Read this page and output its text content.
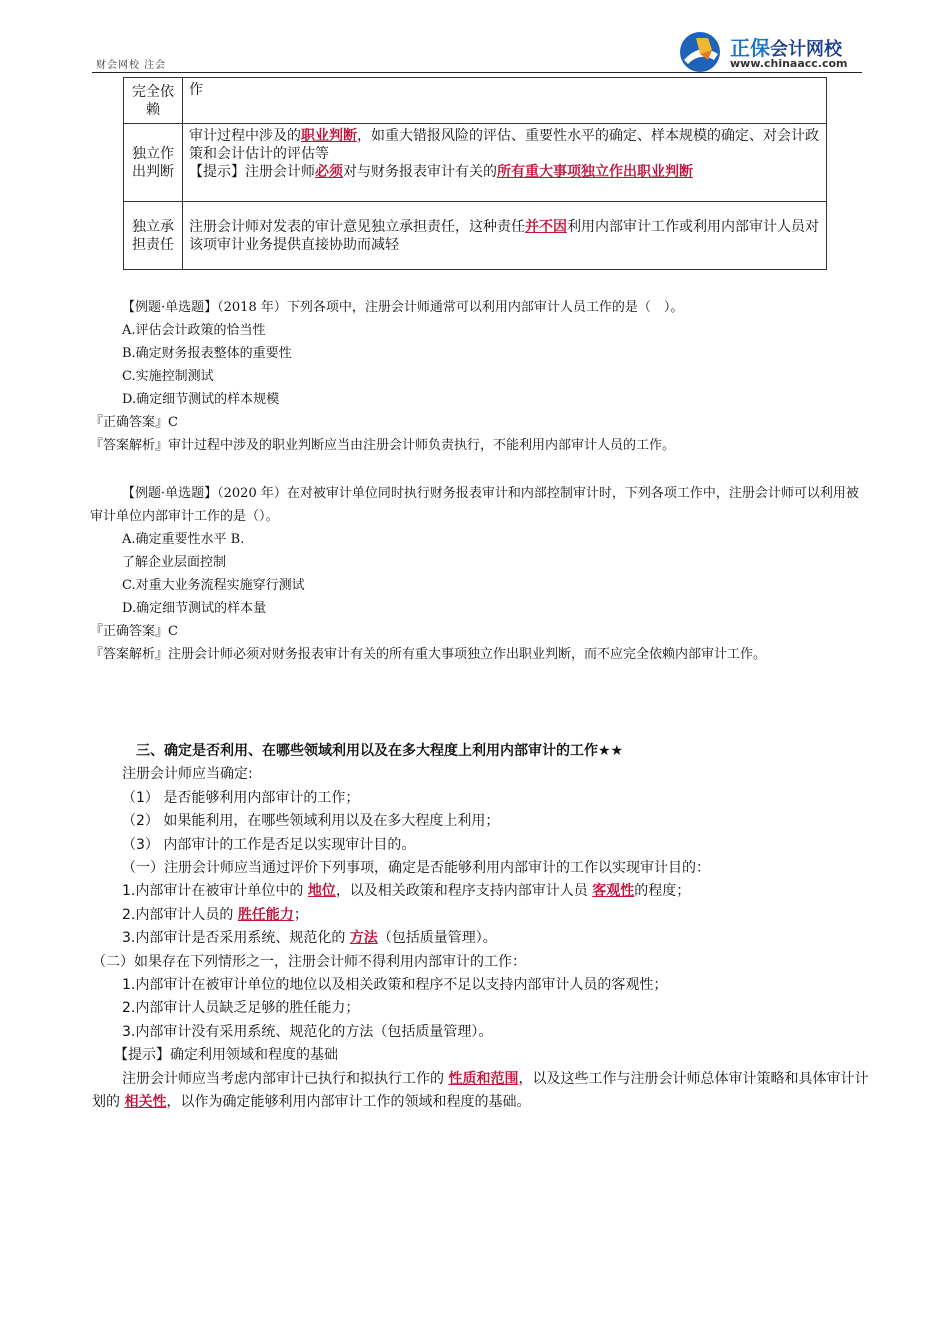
财会网校 注会
正保会计网校
www.chinaacc.com
完全依赖	作
独立作出判断	审计过程中涉及的职业判断，如重大错报风险的评估、重要性水平的确定、样本规模的确定、对会计政策和会计估计的评估等
【提示】注册会计师必须对与财务报表审计有关的所有重大事项独立作出职业判断
独立承担责任	注册会计师对发表的审计意见独立承担责任，这种责任并不因利用内部审计工作或利用内部审计人员对该项审计业务提供直接协助而减轻

【例题·单选题】（2018 年）下列各项中，注册会计师通常可以利用内部审计人员工作的是（　）。

A.评估会计政策的恰当性

B.确定财务报表整体的重要性

C.实施控制测试

D.确定细节测试的样本规模

『正确答案』C

『答案解析』审计过程中涉及的职业判断应当由注册会计师负责执行，不能利用内部审计人员的工作。

【例题·单选题】（2020 年）在对被审计单位同时执行财务报表审计和内部控制审计时，下列各项工作中，注册会计师可以利用被审计单位内部审计工作的是（）。

A.确定重要性水平 B.

了解企业层面控制

C.对重大业务流程实施穿行测试

D.确定细节测试的样本量

『正确答案』C

『答案解析』注册会计师必须对财务报表审计有关的所有重大事项独立作出职业判断，而不应完全依赖内部审计工作。

三、确定是否利用、在哪些领域利用以及在多大程度上利用内部审计的工作★★

注册会计师应当确定:

（1） 是否能够利用内部审计的工作；

（2） 如果能利用，在哪些领域利用以及在多大程度上利用；

（3） 内部审计的工作是否足以实现审计目的。

（一）注册会计师应当通过评价下列事项，确定是否能够利用内部审计的工作以实现审计目的：

1.内部审计在被审计单位中的 地位，以及相关政策和程序支持内部审计人员 客观性的程度；

2.内部审计人员的 胜任能力；

3.内部审计是否采用系统、规范化的 方法（包括质量管理）。

（二）如果存在下列情形之一，注册会计师不得利用内部审计的工作：

1.内部审计在被审计单位的地位以及相关政策和程序不足以支持内部审计人员的客观性；

2.内部审计人员缺乏足够的胜任能力；

3.内部审计没有采用系统、规范化的方法（包括质量管理）。

【提示】确定利用领域和程度的基础

注册会计师应当考虑内部审计已执行和拟执行工作的 性质和范围，以及这些工作与注册会计师总体审计策略和具体审计计划的 相关性，以作为确定能够利用内部审计工作的领域和程度的基础。
